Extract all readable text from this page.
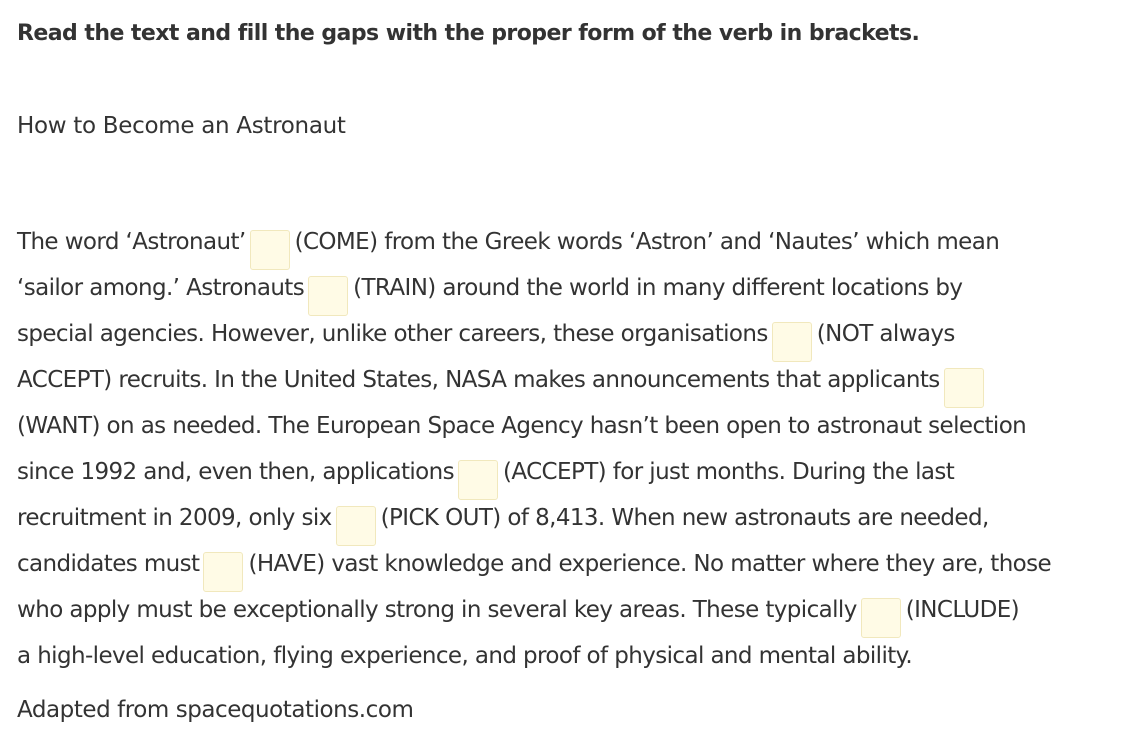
Read the text and fill the gaps with the proper form of the verb in brackets.

How to Become an Astronaut

The word ‘Astronaut’ (COME) from the Greek words ‘Astron’ and ‘Nautes’ which mean
‘sailor among.’ Astronauts (TRAIN) around the world in many different locations by
special agencies. However, unlike other careers, these organisations (NOT always
ACCEPT) recruits. In the United States, NASA makes announcements that applicants
(WANT) on as needed. The European Space Agency hasn’t been open to astronaut selection
since 1992 and, even then, applications (ACCEPT) for just months. During the last
recruitment in 2009, only six (PICK OUT) of 8,413. When new astronauts are needed,
candidates must (HAVE) vast knowledge and experience. No matter where they are, those
who apply must be exceptionally strong in several key areas. These typically (INCLUDE)
a high-level education, flying experience, and proof of physical and mental ability.

Adapted from spacequotations.com
